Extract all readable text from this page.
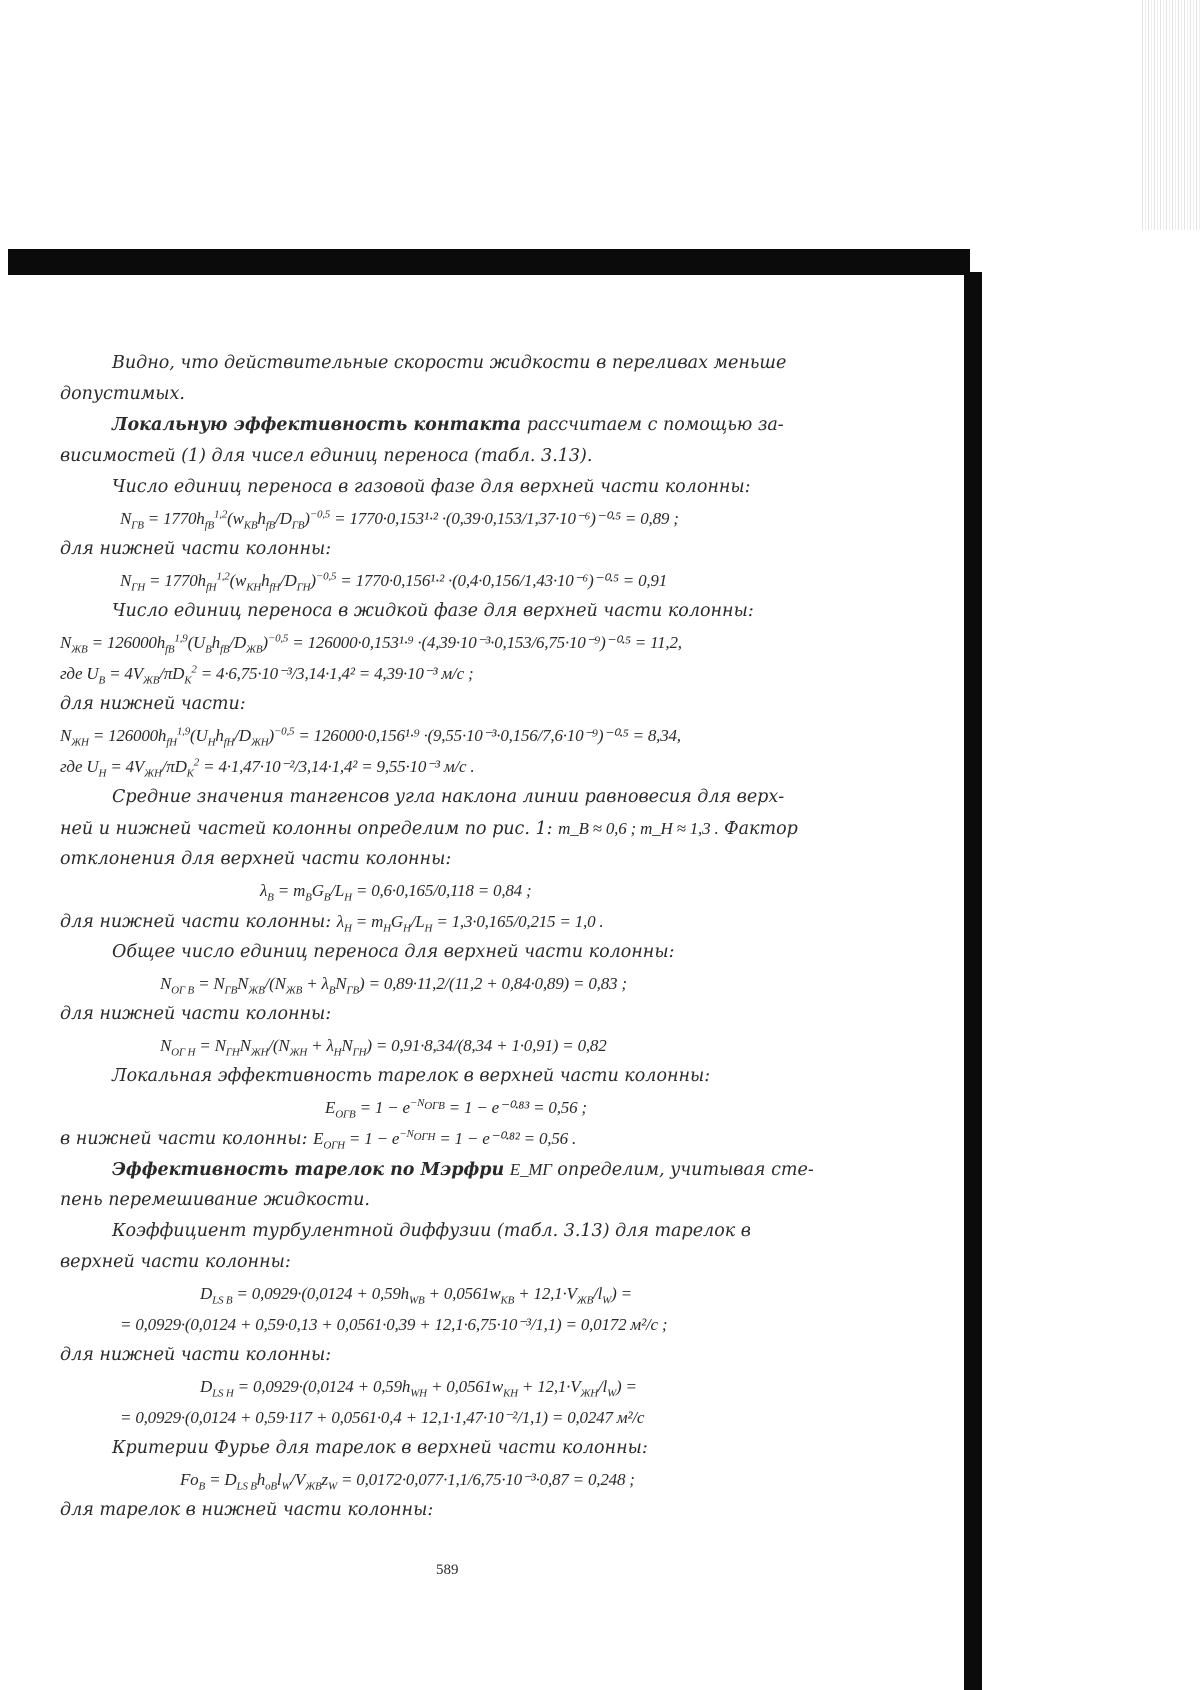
Видно, что действительные скорости жидкости в переливах меньше
допустимых.
Локальную эффективность контакта рассчитаем с помощью за-
висимостей (1) для чисел единиц переноса (табл. 3.13).
Число единиц переноса в газовой фазе для верхней части колонны:
$N_{ГВ} = 1770h_{fВ}^{1,2}(w_{КВ}h_{fВ}/D_{ГВ})^{-0,5} = 1770\cdot 0,153^1\cdot^2 \cdot(0,39\cdot 0,153/1,37\cdot 10^{-6})^{-0}\cdot^5 = 0,89$ ;
для нижней части колонны:
$N_{ГН} = 1770h_{fН}^{1,2}(w_{КН}h_{fН}/D_{ГН})^{-0,5} = 1770\cdot 0,156^1\cdot^2 \cdot(0,4\cdot 0,156/1,43\cdot 10^{-6})^{-0}\cdot^5 = 0,91$
Число единиц переноса в жидкой фазе для верхней части колонны:
$N_{ЖВ} = 126000h_{fВ}^{1,9}(U_Вh_{fВ}/D_{ЖВ})^{-0,5} = 126000\cdot 0,153^1\cdot^9 \cdot(4,39\cdot 10^{-3}\cdot 0,153/6,75\cdot 10^{-9})^{-0}\cdot^5 = 11,2$,
где $U_В = 4V_{ЖВ}/\pi D_К^2 = 4\cdot 6,75\cdot 10^{-3}/3,14\cdot 1,4^2 = 4,39\cdot 10^{-3}$ м/с ;
для нижней части:
$N_{ЖН} = 126000h_{fН}^{1,9}(U_Нh_{fН}/D_{ЖН})^{-0,5} = 126000\cdot 0,156^1\cdot^9 \cdot(9,55\cdot 10^{-3}\cdot 0,156/7,6\cdot 10^{-9})^{-0}\cdot^5 = 8,34$,
где $U_Н = 4V_{ЖН}/\pi D_К^2 = 4\cdot 1,47\cdot 10^{-2}/3,14\cdot 1,4^2 = 9,55\cdot 10^{-3}$ м/с .
Средние значения тангенсов угла наклона линии равновесия для верх-
ней и нижней частей колонны определим по рис. 1: m_В ≈ 0,6 ; m_Н ≈ 1,3 . Фактор
отклонения для верхней части колонны:
$\lambda_В = m_ВG_В/L_Н = 0,6\cdot 0,165/0,118 = 0,84$ ;
для нижней части колонны: $\lambda_Н = m_НG_Н/L_Н = 1,3\cdot 0,165/0,215 = 1,0$ .
Общее число единиц переноса для верхней части колонны:
$N_{ОГ В} = N_{ГВ}N_{ЖВ}/(N_{ЖВ} + \lambda_ВN_{ГВ}) = 0,89\cdot 11,2/(11,2 + 0,84\cdot 0,89) = 0,83$ ;
для нижней части колонны:
$N_{ОГ Н} = N_{ГН}N_{ЖН}/(N_{ЖН} + \lambda_НN_{ГН}) = 0,91\cdot 8,34/(8,34 + 1\cdot 0,91) = 0,82$
Локальная эффективность тарелок в верхней части колонны:
$E_{ОГВ} = 1 - e^{-N_{ОГВ}} = 1 - e^{-0}\cdot^{83} = 0,56$ ;
в нижней части колонны: $E_{ОГН} = 1 - e^{-N_{ОГН}} = 1 - e^{-0}\cdot^{82} = 0,56$ .
Эффективность тарелок по Мэрфри E_МГ определим, учитывая сте-
пень перемешивание жидкости.
Коэффициент турбулентной диффузии (табл. 3.13) для тарелок в
верхней части колонны:
$D_{LS В} = 0,0929\cdot(0,0124 + 0,59h_{WВ} + 0,0561w_{КВ} + 12,1\cdot V_{ЖВ}/l_W)$ =
= 0,0929·(0,0124 + 0,59·0,13 + 0,0561·0,39 + 12,1·6,75·10⁻³/1,1) = 0,0172 м²/с ;
для нижней части колонны:
$D_{LS Н} = 0,0929\cdot(0,0124 + 0,59h_{WН} + 0,0561w_{КН} + 12,1\cdot V_{ЖН}/l_W)$ =
= 0,0929·(0,0124 + 0,59·117 + 0,0561·0,4 + 12,1·1,47·10⁻²/1,1) = 0,0247 м²/с
Критерии Фурье для тарелок в верхней части колонны:
$Fo_В = D_{LS В}h_{oВ}l_W/V_{ЖВ}z_W = 0,0172\cdot 0,077\cdot 1,1/6,75\cdot 10^{-3}\cdot 0,87 = 0,248$ ;
для тарелок в нижней части колонны:
589
